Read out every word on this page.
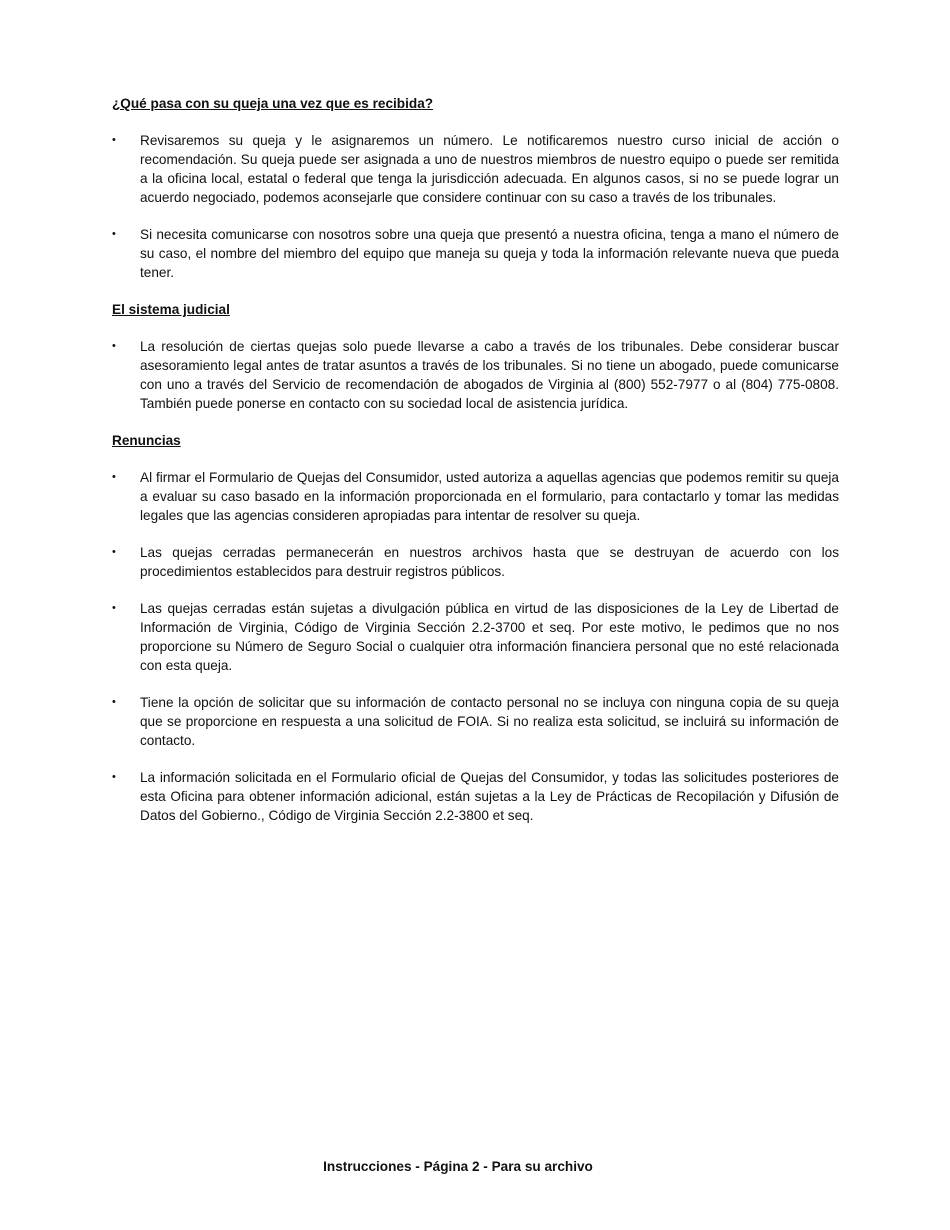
¿Qué pasa con su queja una vez que es recibida?
•	Revisaremos su queja y le asignaremos un número. Le notificaremos nuestro curso inicial de acción o recomendación. Su queja puede ser asignada a uno de nuestros miembros de nuestro equipo o puede ser remitida a la oficina local, estatal o federal que tenga la jurisdicción adecuada. En algunos casos, si no se puede lograr un acuerdo negociado, podemos aconsejarle que considere continuar con su caso a través de los tribunales.
•	Si necesita comunicarse con nosotros sobre una queja que presentó a nuestra oficina, tenga a mano el número de su caso, el nombre del miembro del equipo que maneja su queja y toda la información relevante nueva que pueda tener.
El sistema judicial
•	La resolución de ciertas quejas solo puede llevarse a cabo a través de los tribunales. Debe considerar buscar asesoramiento legal antes de tratar asuntos a través de los tribunales. Si no tiene un abogado, puede comunicarse con uno a través del Servicio de recomendación de abogados de Virginia al (800) 552-7977 o al (804) 775-0808. También puede ponerse en contacto con su sociedad local de asistencia jurídica.
Renuncias
•	Al firmar el Formulario de Quejas del Consumidor, usted autoriza a aquellas agencias que podemos remitir su queja a evaluar su caso basado en la información proporcionada en el formulario, para contactarlo y tomar las medidas legales que las agencias consideren apropiadas para intentar de resolver su queja.
•	Las quejas cerradas permanecerán en nuestros archivos hasta que se destruyan de acuerdo con los procedimientos establecidos para destruir registros públicos.
•	Las quejas cerradas están sujetas a divulgación pública en virtud de las disposiciones de la Ley de Libertad de Información de Virginia, Código de Virginia Sección 2.2-3700 et seq. Por este motivo, le pedimos que no nos proporcione su Número de Seguro Social o cualquier otra información financiera personal que no esté relacionada con esta queja.
•	Tiene la opción de solicitar que su información de contacto personal no se incluya con ninguna copia de su queja que se proporcione en respuesta a una solicitud de FOIA. Si no realiza esta solicitud, se incluirá su información de contacto.
•	La información solicitada en el Formulario oficial de Quejas del Consumidor, y todas las solicitudes posteriores de esta Oficina para obtener información adicional, están sujetas a la Ley de Prácticas de Recopilación y Difusión de Datos del Gobierno., Código de Virginia Sección 2.2-3800 et seq.
Instrucciones - Página 2 - Para su archivo
